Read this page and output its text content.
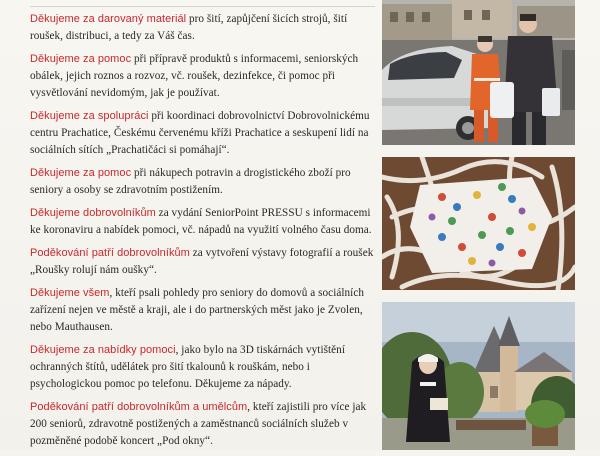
Děkujeme za darovaný materiál pro šití, zapůjčení šicích strojů, šití roušek, distribuci, a tedy za Váš čas.

Děkujeme za pomoc při přípravě produktů s informacemi, seniorských obálek, jejich roznos a rozvoz, vč. roušek, dezinfekce, či pomoc při vysvětlování nevidomým, jak je používat.

Děkujeme za spolupráci při koordinaci dobrovolnictví Dobrovolnickému centru Prachatice, Českému červenému kříži Prachatice a seskupení lidí na sociálních sítích „Prachatičáci si pomáhají“.

Děkujeme za pomoc při nákupech potravin a drogistického zboží pro seniory a osoby se zdravotním postižením.

Děkujeme dobrovolníkům za vydání SeniorPoint PRESSU s informacemi ke koronaviru a nabídek pomoci, vč. nápadů na využití volného času doma.

Poděkování patří dobrovolníkům za vytvoření výstavy fotografií a roušek „Roušky rolují nám oušky“.

Děkujeme všem, kteří psali pohledy pro seniory do domovů a sociálních zařízení nejen ve městě a kraji, ale i do partnerských měst jako je Zvolen, nebo Mauthausen.

Děkujeme za nabídky pomoci, jako bylo na 3D tiskárnách vytištění ochranných štítů, udělátek pro šití tkalounů k rouškám, nebo i psychologickou pomoc po telefonu. Děkujeme za nápady.

Poděkování patří dobrovolníkům a umělcům, kteří zajistili pro více jak 200 seniorů, zdravotně postižených a zaměstnanců sociálních služeb v pozměněné podobě koncert „Pod okny“.
